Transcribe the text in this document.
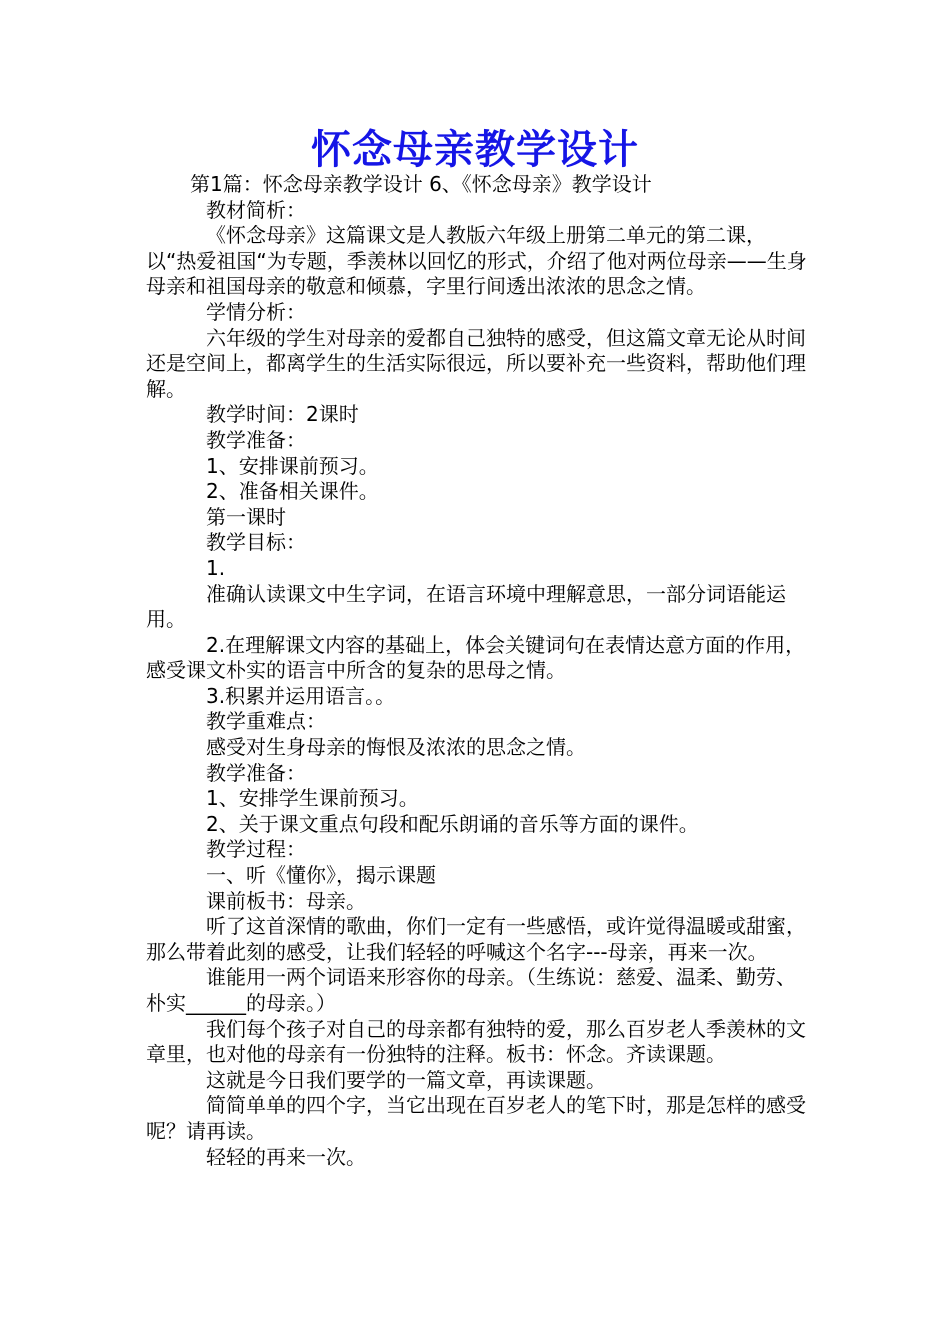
怀念母亲教学设计

第1篇：怀念母亲教学设计 6、《怀念母亲》教学设计

教材简析：

《怀念母亲》这篇课文是人教版六年级上册第二单元的第二课，以“热爱祖国“为专题，季羡林以回忆的形式，介绍了他对两位母亲——生身母亲和祖国母亲的敬意和倾慕，字里行间透出浓浓的思念之情。

学情分析：

六年级的学生对母亲的爱都自己独特的感受，但这篇文章无论从时间还是空间上，都离学生的生活实际很远，所以要补充一些资料，帮助他们理解。

教学时间：2课时

教学准备：

1、安排课前预习。

2、准备相关课件。

第一课时

教学目标：

1.

准确认读课文中生字词，在语言环境中理解意思，一部分词语能运用。

2.在理解课文内容的基础上，体会关键词句在表情达意方面的作用，感受课文朴实的语言中所含的复杂的思母之情。

3.积累并运用语言。。

教学重难点：

感受对生身母亲的悔恨及浓浓的思念之情。

教学准备：

1、安排学生课前预习。

2、关于课文重点句段和配乐朗诵的音乐等方面的课件。

教学过程：

一、听《懂你》，揭示课题

课前板书：母亲。

听了这首深情的歌曲，你们一定有一些感悟，或许觉得温暖或甜蜜，那么带着此刻的感受，让我们轻轻的呼喊这个名字---母亲，再来一次。

谁能用一两个词语来形容你的母亲。（生练说：慈爱、温柔、勤劳、朴实______的母亲。）

我们每个孩子对自己的母亲都有独特的爱，那么百岁老人季羡林的文章里，也对他的母亲有一份独特的注释。板书：怀念。齐读课题。

这就是今日我们要学的一篇文章，再读课题。

简简单单的四个字，当它出现在百岁老人的笔下时，那是怎样的感受呢？请再读。

轻轻的再来一次。
